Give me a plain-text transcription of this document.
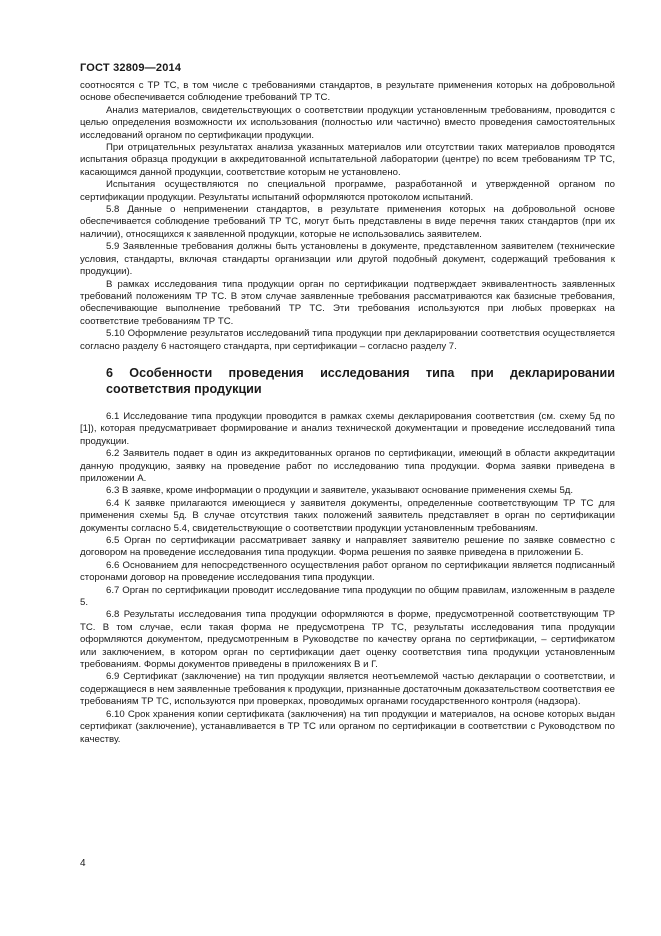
ГОСТ 32809—2014

соотносятся с ТР ТС, в том числе с требованиями стандартов, в результате применения которых на добровольной основе обеспечивается соблюдение требований ТР ТС.

Анализ материалов, свидетельствующих о соответствии продукции установленным требованиям, проводится с целью определения возможности их использования (полностью или частично) вместо проведения самостоятельных исследований органом по сертификации продукции.

При отрицательных результатах анализа указанных материалов или отсутствии таких материалов проводятся испытания образца продукции в аккредитованной испытательной лаборатории (центре) по всем требованиям ТР ТС, касающимся данной продукции, соответствие которым не установлено.

Испытания осуществляются по специальной программе, разработанной и утвержденной органом по сертификации продукции. Результаты испытаний оформляются протоколом испытаний.

5.8 Данные о неприменении стандартов, в результате применения которых на добровольной основе обеспечивается соблюдение требований ТР ТС, могут быть представлены в виде перечня таких стандартов (при их наличии), относящихся к заявленной продукции, которые не использовались заявителем.

5.9 Заявленные требования должны быть установлены в документе, представленном заявителем (технические условия, стандарты, включая стандарты организации или другой подобный документ, содержащий требования к продукции).

В рамках исследования типа продукции орган по сертификации подтверждает эквивалентность заявленных требований положениям ТР ТС. В этом случае заявленные требования рассматриваются как базисные требования, обеспечивающие выполнение требований ТР ТС. Эти требования используются при любых проверках на соответствие требованиям ТР ТС.

5.10 Оформление результатов исследований типа продукции при декларировании соответствия осуществляется согласно разделу 6 настоящего стандарта, при сертификации – согласно разделу 7.

6 Особенности проведения исследования типа при декларировании соответствия продукции

6.1 Исследование типа продукции проводится в рамках схемы декларирования соответствия (см. схему 5д по [1]), которая предусматривает формирование и анализ технической документации и проведение исследований типа продукции.

6.2 Заявитель подает в один из аккредитованных органов по сертификации, имеющий в области аккредитации данную продукцию, заявку на проведение работ по исследованию типа продукции. Форма заявки приведена в приложении А.

6.3 В заявке, кроме информации о продукции и заявителе, указывают основание применения схемы 5д.

6.4 К заявке прилагаются имеющиеся у заявителя документы, определенные соответствующим ТР ТС для применения схемы 5д. В случае отсутствия таких положений заявитель представляет в орган по сертификации документы согласно 5.4, свидетельствующие о соответствии продукции установленным требованиям.

6.5 Орган по сертификации рассматривает заявку и направляет заявителю решение по заявке совместно с договором на проведение исследования типа продукции. Форма решения по заявке приведена в приложении Б.

6.6 Основанием для непосредственного осуществления работ органом по сертификации является подписанный сторонами договор на проведение исследования типа продукции.

6.7 Орган по сертификации проводит исследование типа продукции по общим правилам, изложенным в разделе 5.

6.8 Результаты исследования типа продукции оформляются в форме, предусмотренной соответствующим ТР ТС. В том случае, если такая форма не предусмотрена ТР ТС, результаты исследования типа продукции оформляются документом, предусмотренным в Руководстве по качеству органа по сертификации, – сертификатом или заключением, в котором орган по сертификации дает оценку соответствия типа продукции установленным требованиям. Формы документов приведены в приложениях В и Г.

6.9 Сертификат (заключение) на тип продукции является неотъемлемой частью декларации о соответствии, и содержащиеся в нем заявленные требования к продукции, признанные достаточным доказательством соответствия ее требованиям ТР ТС, используются при проверках, проводимых органами государственного контроля (надзора).

6.10 Срок хранения копии сертификата (заключения) на тип продукции и материалов, на основе которых выдан сертификат (заключение), устанавливается в ТР ТС или органом по сертификации в соответствии с Руководством по качеству.

4
